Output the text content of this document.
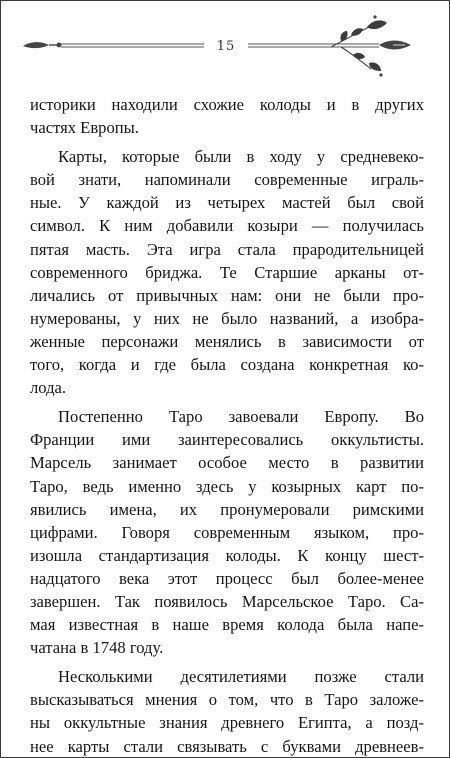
15

историки находили схожие колоды и в других
частях Европы.

Карты, которые были в ходу у средневеко-
вой знати, напоминали современные играль-
ные. У каждой из четырех мастей был свой
символ. К ним добавили козыри — получилась
пятая масть. Эта игра стала прародительницей
современного бриджа. Те Старшие арканы от-
личались от привычных нам: они не были про-
нумерованы, у них не было названий, а изобра-
женные персонажи менялись в зависимости от
того, когда и где была создана конкретная ко-
лода.

Постепенно Таро завоевали Европу. Во
Франции ими заинтересовались оккультисты.
Марсель занимает особое место в развитии
Таро, ведь именно здесь у козырных карт по-
явились имена, их пронумеровали римскими
цифрами. Говоря современным языком, про-
изошла стандартизация колоды. К концу шест-
надцатого века этот процесс был более-менее
завершен. Так появилось Марсельское Таро. Са-
мая известная в наше время колода была напе-
чатана в 1748 году.

Несколькими десятилетиями позже стали
высказываться мнения о том, что в Таро заложе-
ны оккультные знания древнего Египта, а позд-
нее карты стали связывать с буквами древнеев-
